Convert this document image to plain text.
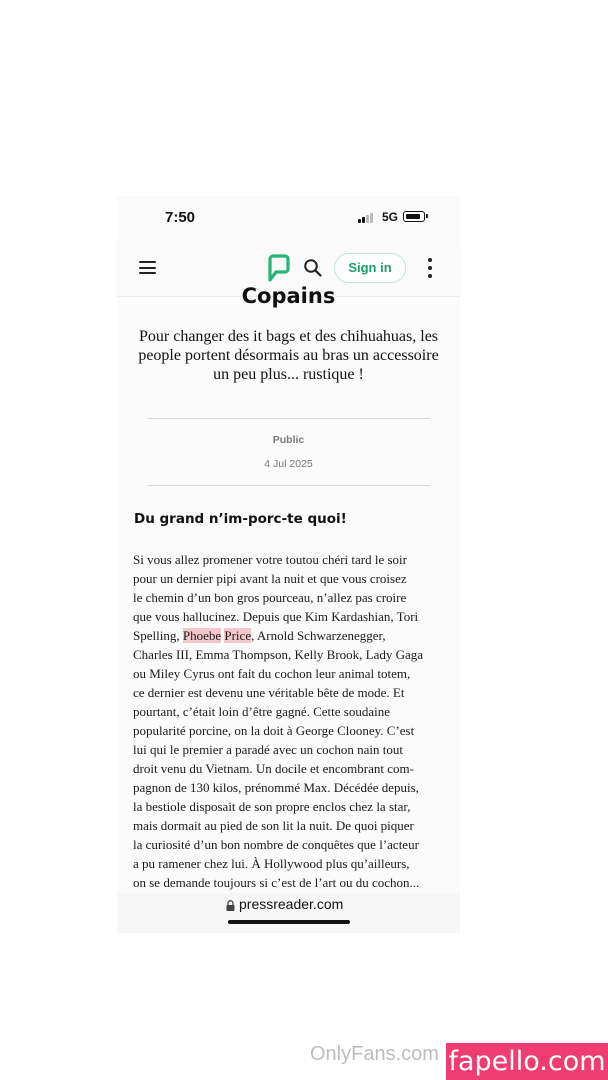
7:50	5G
Sign in
Copains
Pour changer des it bags et des chihuahuas, les people portent désormais au bras un accessoire un peu plus... rustique !
Public
4 Jul 2025
Du grand n’im-porc-te quoi!
Si vous allez promener votre toutou chéri tard le soir
pour un dernier pipi avant la nuit et que vous croisez
le chemin d’un bon gros pourceau, n’allez pas croire
que vous hallucinez. Depuis que Kim Kardashian, Tori
Spelling, Phoebe Price, Arnold Schwarzenegger,
Charles III, Emma Thompson, Kelly Brook, Lady Gaga
ou Miley Cyrus ont fait du cochon leur animal totem,
ce dernier est devenu une véritable bête de mode. Et
pourtant, c’était loin d’être gagné. Cette soudaine
popularité porcine, on la doit à George Clooney. C’est
lui qui le premier a paradé avec un cochon nain tout
droit venu du Vietnam. Un docile et encombrant com-
pagnon de 130 kilos, prénommé Max. Décédée depuis,
la bestiole disposait de son propre enclos chez la star,
mais dormait au pied de son lit la nuit. De quoi piquer
la curiosité d’un bon nombre de conquêtes que l’acteur
a pu ramener chez lui. À Hollywood plus qu’ailleurs,
on se demande toujours si c’est de l’art ou du cochon...
pressreader.com
OnlyFans.com fapello.com
